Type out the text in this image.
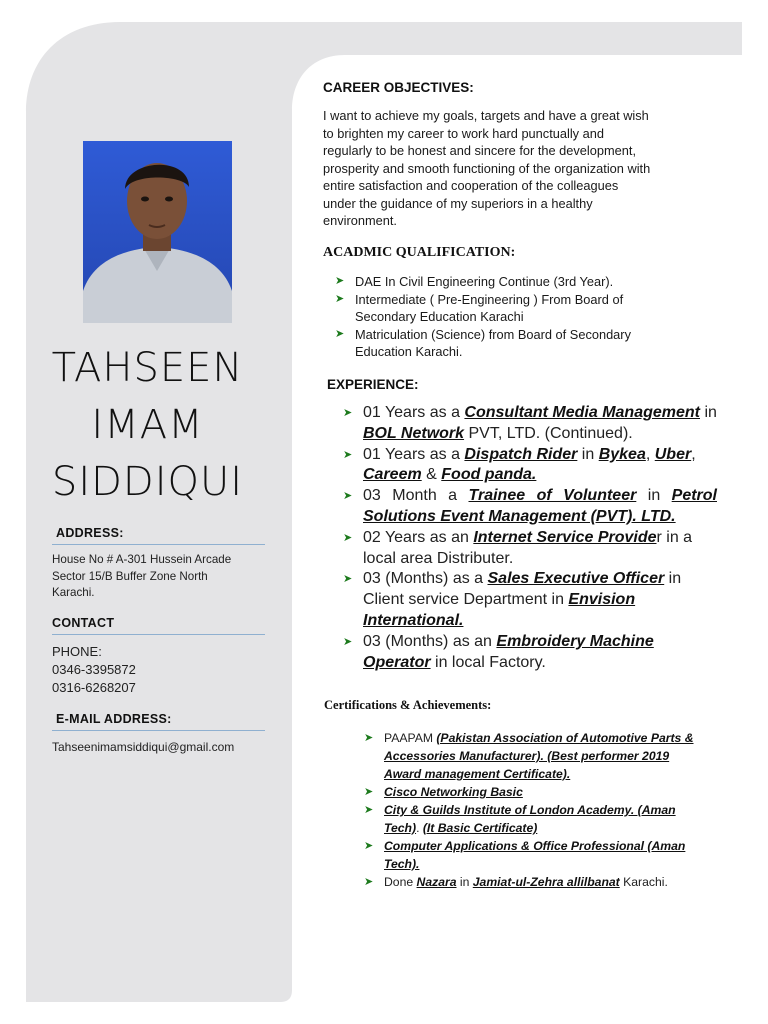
TAHSEEN
IMAM
SIDDIQUI
ADDRESS:
House No # A-301 Hussein Arcade
Sector 15/B Buffer Zone North
Karachi.
CONTACT
PHONE:
0346-3395872
0316-6268207
E-MAIL ADDRESS:
Tahseenimamsiddiqui@gmail.com
CAREER OBJECTIVES:
I want to achieve my goals, targets and have a great wish
to brighten my career to work hard punctually and
regularly to be honest and sincere for the development,
prosperity and smooth functioning of the organization with
entire satisfaction and cooperation of the colleagues
under the guidance of my superiors in a healthy
environment.
ACADMIC QUALIFICATION:
➤ DAE In Civil Engineering Continue (3rd Year).
➤ Intermediate ( Pre-Engineering ) From Board of
Secondary Education Karachi
➤ Matriculation (Science) from Board of Secondary
Education Karachi.
EXPERIENCE:
➤ 01 Years as a Consultant Media Management in BOL Network PVT, LTD. (Continued).
➤ 01 Years as a Dispatch Rider in Bykea, Uber, Careem & Food panda.
➤ 03 Month a Trainee of Volunteer in Petrol Solutions Event Management (PVT). LTD.
➤ 02 Years as an Internet Service Provider in a local area Distributer.
➤ 03 (Months) as a Sales Executive Officer in Client service Department in Envision International.
➤ 03 (Months) as an Embroidery Machine Operator in local Factory.
Certifications & Achievements:
➤ PAAPAM (Pakistan Association of Automotive Parts & Accessories Manufacturer). (Best performer 2019 Award management Certificate).
➤ Cisco Networking Basic
➤ City & Guilds Institute of London Academy. (Aman Tech). (It Basic Certificate)
➤ Computer Applications & Office Professional (Aman Tech).
➤ Done Nazara in Jamiat-ul-Zehra allilbanat Karachi.
